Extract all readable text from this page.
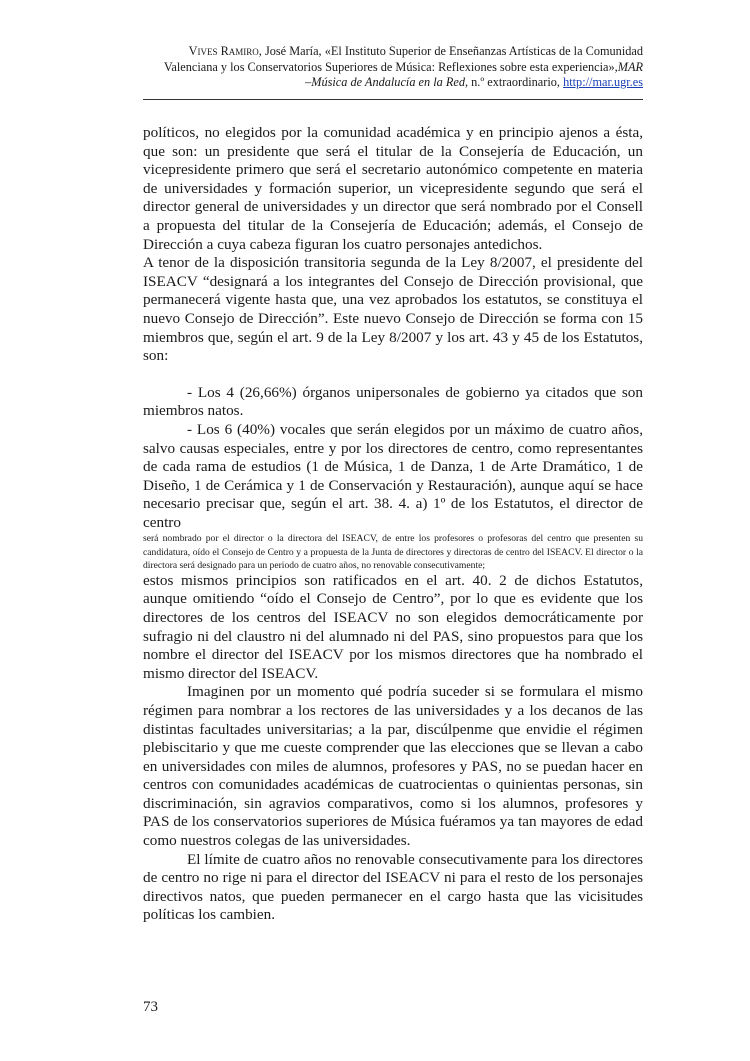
Vives Ramiro, José María, «El Instituto Superior de Enseñanzas Artísticas de la Comunidad
Valenciana y los Conservatorios Superiores de Música: Reflexiones sobre esta experiencia»,MAR
–Música de Andalucía en la Red, n.º extraordinario, http://mar.ugr.es

políticos, no elegidos por la comunidad académica y en principio ajenos a ésta, que son: un presidente que será el titular de la Consejería de Educación, un vicepresidente primero que será el secretario autonómico competente en materia de universidades y formación superior, un vicepresidente segundo que será el director general de universidades y un director que será nombrado por el Consell a propuesta del titular de la Consejería de Educación; además, el Consejo de Dirección a cuya cabeza figuran los cuatro personajes antedichos.

A tenor de la disposición transitoria segunda de la Ley 8/2007, el presidente del ISEACV “designará a los integrantes del Consejo de Dirección provisional, que permanecerá vigente hasta que, una vez aprobados los estatutos, se constituya el nuevo Consejo de Dirección”. Este nuevo Consejo de Dirección se forma con 15 miembros que, según el art. 9 de la Ley 8/2007 y los art. 43 y 45 de los Estatutos, son:

- Los 4 (26,66%) órganos unipersonales de gobierno ya citados que son miembros natos.

- Los 6 (40%) vocales que serán elegidos por un máximo de cuatro años, salvo causas especiales, entre y por los directores de centro, como representantes de cada rama de estudios (1 de Música, 1 de Danza, 1 de Arte Dramático, 1 de Diseño, 1 de Cerámica y 1 de Conservación y Restauración), aunque aquí se hace necesario precisar que, según el art. 38. 4. a) 1º de los Estatutos, el director de centro

será nombrado por el director o la directora del ISEACV, de entre los profesores o profesoras del centro que presenten su candidatura, oído el Consejo de Centro y a propuesta de la Junta de directores y directoras de centro del ISEACV. El director o la directora será designado para un periodo de cuatro años, no renovable consecutivamente;

estos mismos principios son ratificados en el art. 40. 2 de dichos Estatutos, aunque omitiendo “oído el Consejo de Centro”, por lo que es evidente que los directores de los centros del ISEACV no son elegidos democráticamente por sufragio ni del claustro ni del alumnado ni del PAS, sino propuestos para que los nombre el director del ISEACV por los mismos directores que ha nombrado el mismo director del ISEACV.

Imaginen por un momento qué podría suceder si se formulara el mismo régimen para nombrar a los rectores de las universidades y a los decanos de las distintas facultades universitarias; a la par, discúlpenme que envidie el régimen plebiscitario y que me cueste comprender que las elecciones que se llevan a cabo en universidades con miles de alumnos, profesores y PAS, no se puedan hacer en centros con comunidades académicas de cuatrocientas o quinientas personas, sin discriminación, sin agravios comparativos, como si los alumnos, profesores y PAS de los conservatorios superiores de Música fuéramos ya tan mayores de edad como nuestros colegas de las universidades.

El límite de cuatro años no renovable consecutivamente para los directores de centro no rige ni para el director del ISEACV ni para el resto de los personajes directivos natos, que pueden permanecer en el cargo hasta que las vicisitudes políticas los cambien.

73
